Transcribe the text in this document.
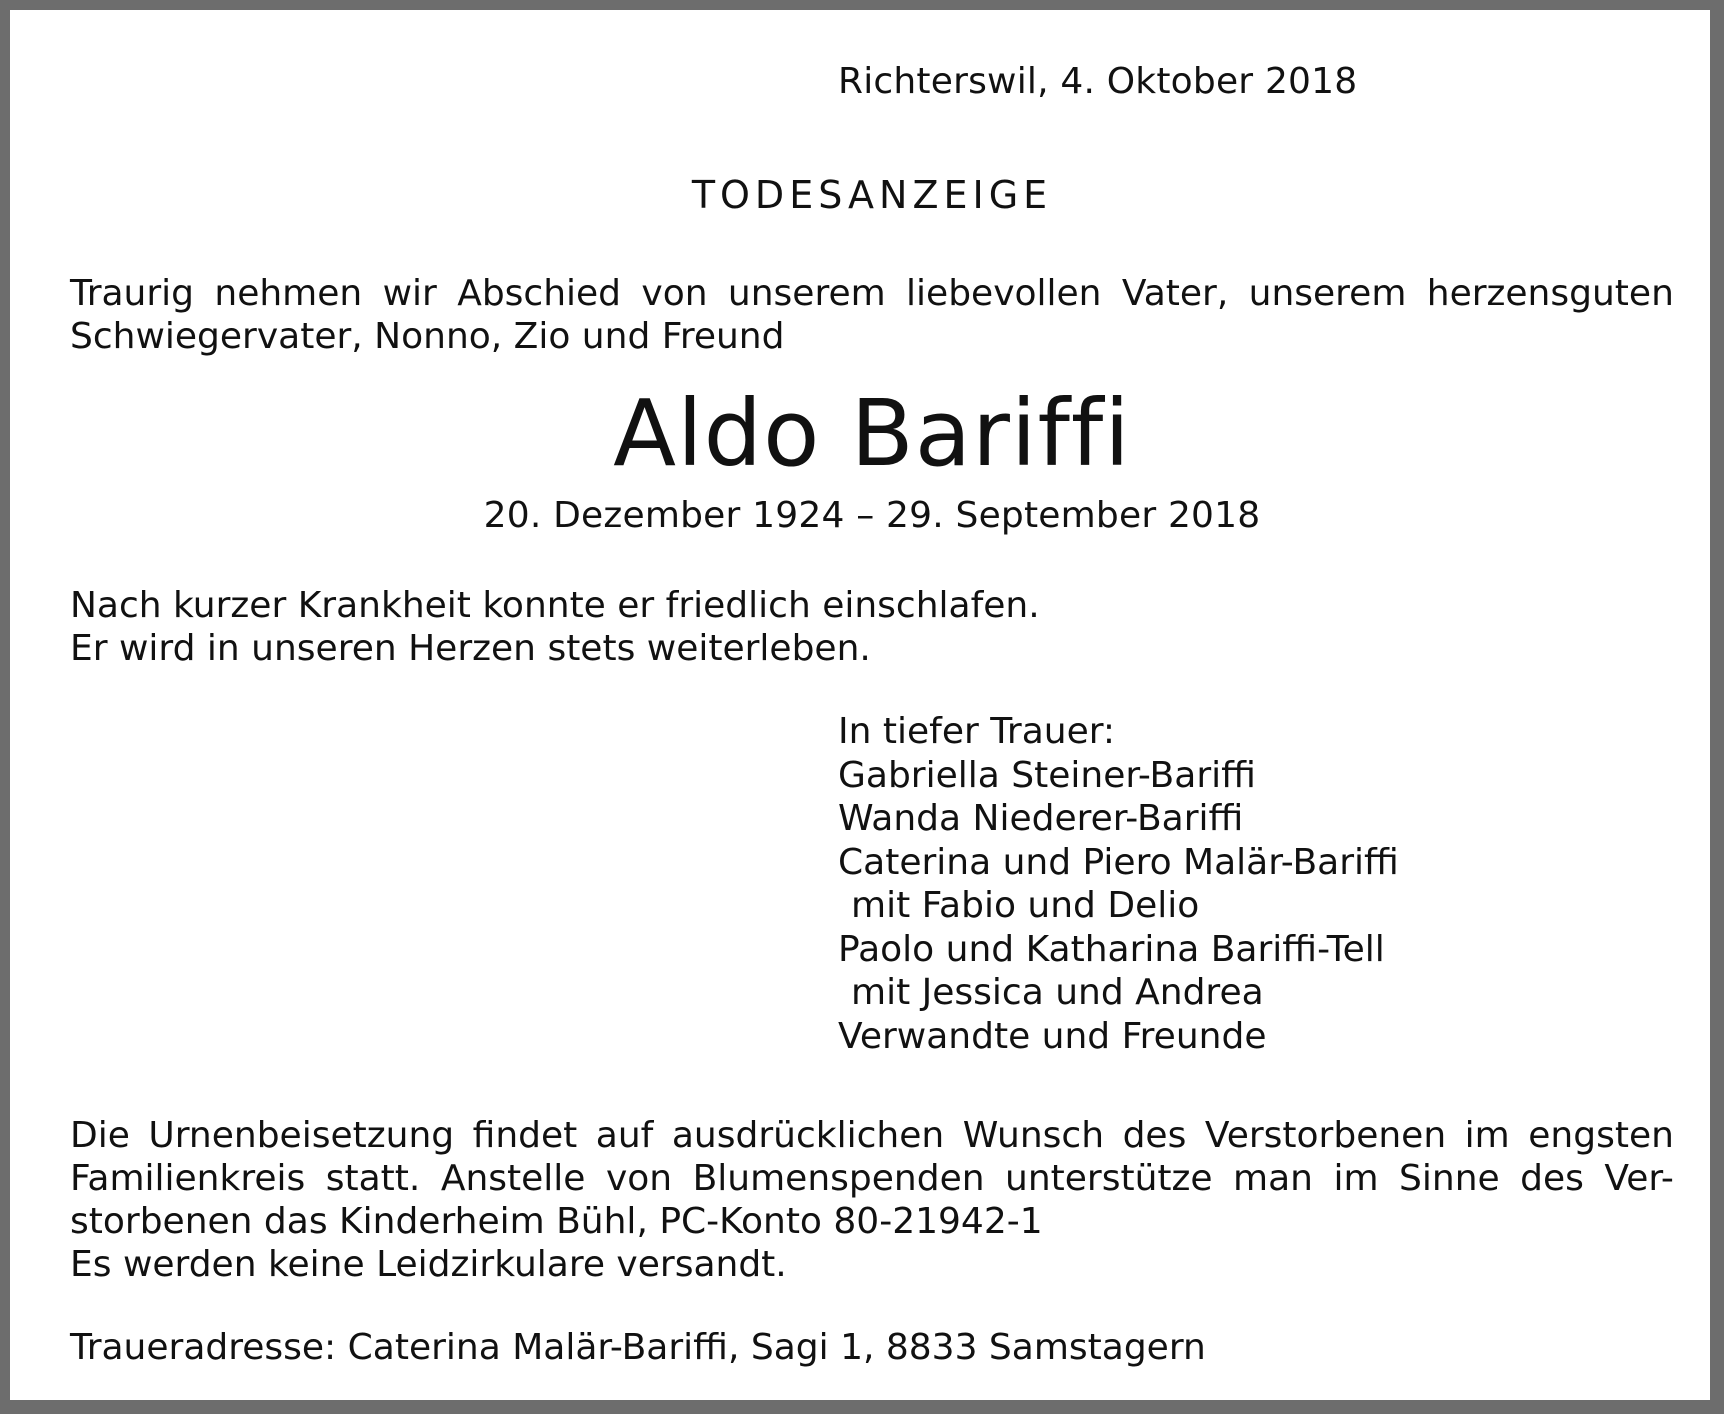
Richterswil, 4. Oktober 2018
TODESANZEIGE
Traurig nehmen wir Abschied von unserem liebevollen Vater, unserem herzensguten
Schwiegervater, Nonno, Zio und Freund
Aldo Bariffi
20. Dezember 1924 – 29. September 2018
Nach kurzer Krankheit konnte er friedlich einschlafen.
Er wird in unseren Herzen stets weiterleben.
In tiefer Trauer:
Gabriella Steiner-Bariffi
Wanda Niederer-Bariffi
Caterina und Piero Malär-Bariffi
mit Fabio und Delio
Paolo und Katharina Bariffi-Tell
mit Jessica und Andrea
Verwandte und Freunde
Die Urnenbeisetzung findet auf ausdrücklichen Wunsch des Verstorbenen im engsten
Familienkreis statt. Anstelle von Blumenspenden unterstütze man im Sinne des Ver-
storbenen das Kinderheim Bühl, PC-Konto 80-21942-1
Es werden keine Leidzirkulare versandt.
Traueradresse: Caterina Malär-Bariffi, Sagi 1, 8833 Samstagern
